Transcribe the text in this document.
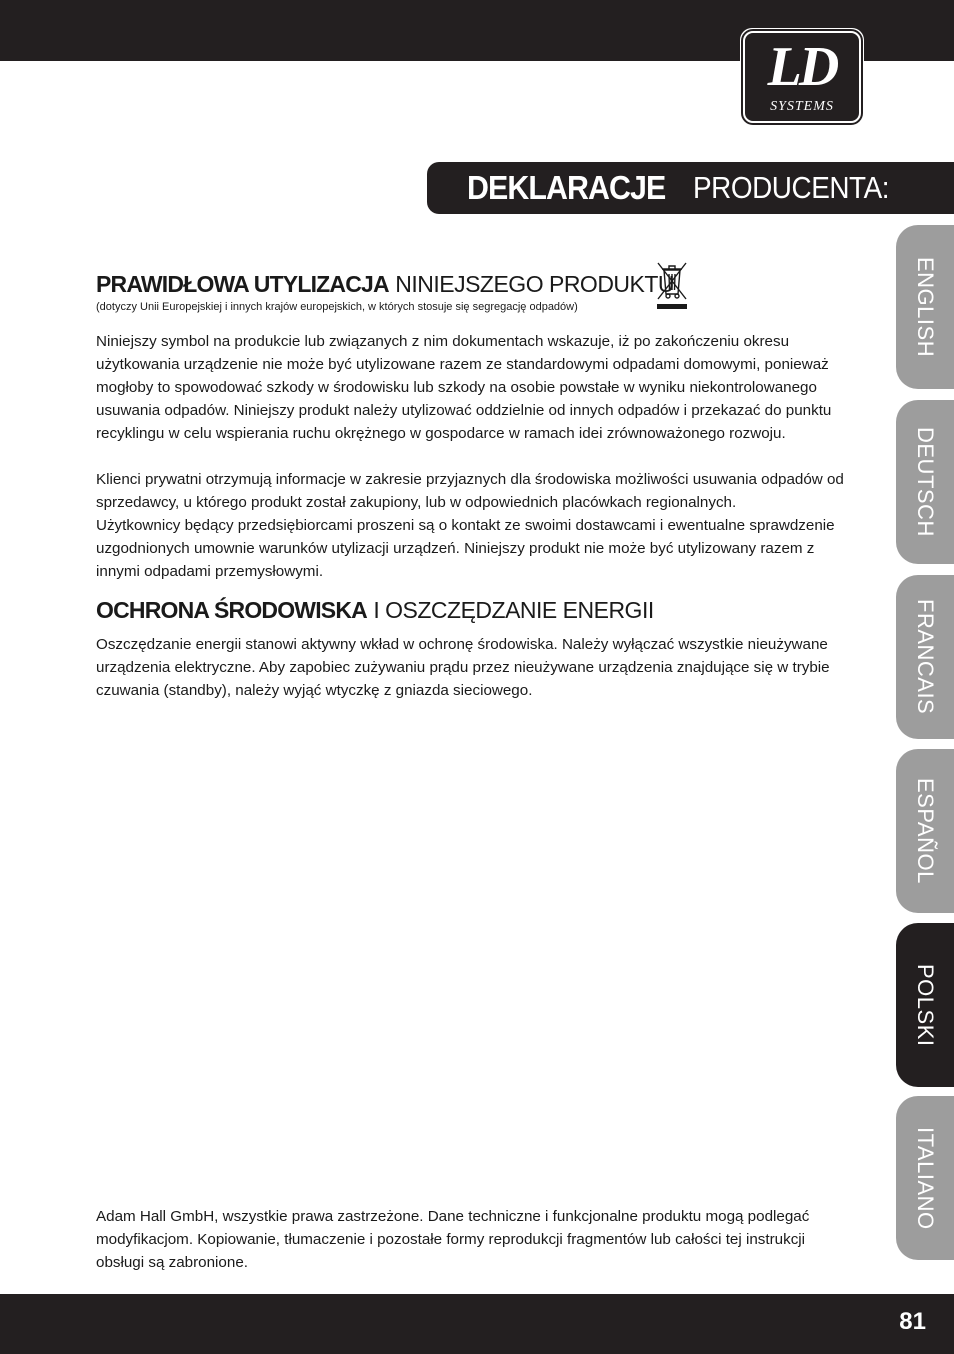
LD
SYSTEMS
DEKLARACJE PRODUCENTA:
ENGLISH
DEUTSCH
FRANCAIS
ESPAÑOL
POLSKI
ITALIANO
PRAWIDŁOWA UTYLIZACJA NINIEJSZEGO PRODUKTU
(dotyczy Unii Europejskiej i innych krajów europejskich, w których stosuje się segregację odpadów)

Niniejszy symbol na produkcie lub związanych z nim dokumentach wskazuje, iż po zakończeniu okresu użytkowania urządzenie nie może być utylizowane razem ze standardowymi odpadami domowymi, ponieważ mogłoby to spowodować szkody w środowisku lub szkody na osobie powstałe w wyniku niekontrolowanego usuwania odpadów. Niniejszy produkt należy utylizować oddzielnie od innych odpadów i przekazać do punktu recyklingu w celu wspierania ruchu okrężnego w gospodarce w ramach idei zrównoważonego rozwoju.

Klienci prywatni otrzymują informacje w zakresie przyjaznych dla środowiska możliwości usuwania odpadów od sprzedawcy, u którego produkt został zakupiony, lub w odpowiednich placówkach regionalnych.

Użytkownicy będący przedsiębiorcami proszeni są o kontakt ze swoimi dostawcami i ewentualne sprawdzenie uzgodnionych umownie warunków utylizacji urządzeń. Niniejszy produkt nie może być utylizowany razem z innymi odpadami przemysłowymi.

OCHRONA ŚRODOWISKA I OSZCZĘDZANIE ENERGII

Oszczędzanie energii stanowi aktywny wkład w ochronę środowiska. Należy wyłączać wszystkie nieużywane urządzenia elektryczne. Aby zapobiec zużywaniu prądu przez nieużywane urządzenia znajdujące się w trybie czuwania (standby), należy wyjąć wtyczkę z gniazda sieciowego.

Adam Hall GmbH, wszystkie prawa zastrzeżone. Dane techniczne i funkcjonalne produktu mogą podlegać modyfikacjom. Kopiowanie, tłumaczenie i pozostałe formy reprodukcji fragmentów lub całości tej instrukcji obsługi są zabronione.
81
